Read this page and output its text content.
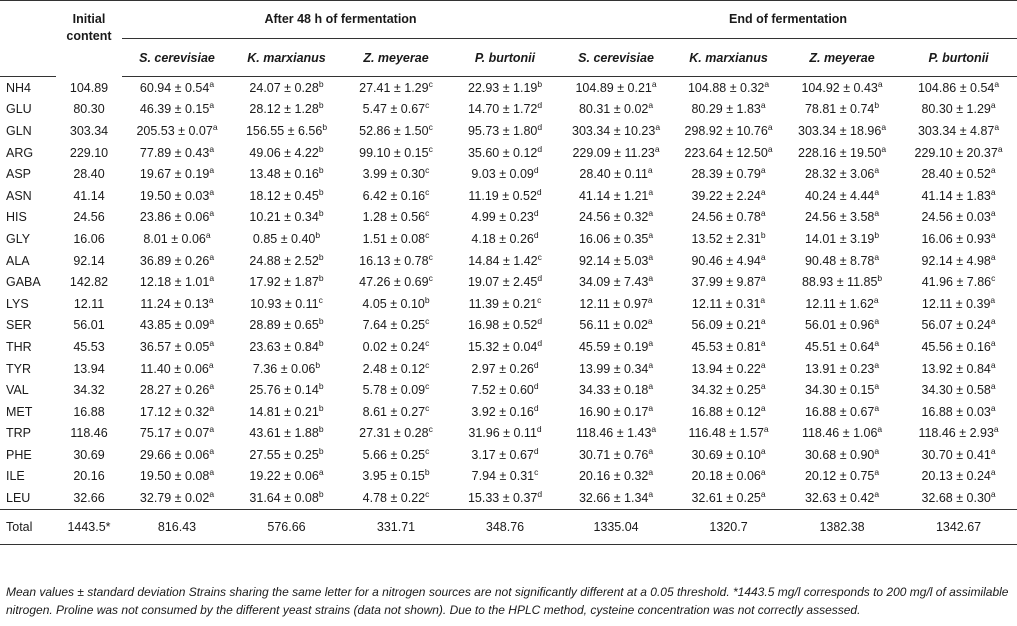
	Initial
content	After 48 h of fermentation				End of fermentation			
		S. cerevisiae	K. marxianus	Z. meyerae	P. burtonii	S. cerevisiae	K. marxianus	Z. meyerae	P. burtonii
NH4	104.89	60.94 ± 0.54$^a$	24.07 ± 0.28$^b$	27.41 ± 1.29$^c$	22.93 ± 1.19$^b$	104.89 ± 0.21$^a$	104.88 ± 0.32$^a$	104.92 ± 0.43$^a$	104.86 ± 0.54$^a$
GLU	80.30	46.39 ± 0.15$^a$	28.12 ± 1.28$^b$	5.47 ± 0.67$^c$	14.70 ± 1.72$^d$	80.31 ± 0.02$^a$	80.29 ± 1.83$^a$	78.81 ± 0.74$^b$	80.30 ± 1.29$^a$
GLN	303.34	205.53 ± 0.07$^a$	156.55 ± 6.56$^b$	52.86 ± 1.50$^c$	95.73 ± 1.80$^d$	303.34 ± 10.23$^a$	298.92 ± 10.76$^a$	303.34 ± 18.96$^a$	303.34 ± 4.87$^a$
ARG	229.10	77.89 ± 0.43$^a$	49.06 ± 4.22$^b$	99.10 ± 0.15$^c$	35.60 ± 0.12$^d$	229.09 ± 11.23$^a$	223.64 ± 12.50$^a$	228.16 ± 19.50$^a$	229.10 ± 20.37$^a$
ASP	28.40	19.67 ± 0.19$^a$	13.48 ± 0.16$^b$	3.99 ± 0.30$^c$	9.03 ± 0.09$^d$	28.40 ± 0.11$^a$	28.39 ± 0.79$^a$	28.32 ± 3.06$^a$	28.40 ± 0.52$^a$
ASN	41.14	19.50 ± 0.03$^a$	18.12 ± 0.45$^b$	6.42 ± 0.16$^c$	11.19 ± 0.52$^d$	41.14 ± 1.21$^a$	39.22 ± 2.24$^a$	40.24 ± 4.44$^a$	41.14 ± 1.83$^a$
HIS	24.56	23.86 ± 0.06$^a$	10.21 ± 0.34$^b$	1.28 ± 0.56$^c$	4.99 ± 0.23$^d$	24.56 ± 0.32$^a$	24.56 ± 0.78$^a$	24.56 ± 3.58$^a$	24.56 ± 0.03$^a$
GLY	16.06	8.01 ± 0.06$^a$	0.85 ± 0.40$^b$	1.51 ± 0.08$^c$	4.18 ± 0.26$^d$	16.06 ± 0.35$^a$	13.52 ± 2.31$^b$	14.01 ± 3.19$^b$	16.06 ± 0.93$^a$
ALA	92.14	36.89 ± 0.26$^a$	24.88 ± 2.52$^b$	16.13 ± 0.78$^c$	14.84 ± 1.42$^c$	92.14 ± 5.03$^a$	90.46 ± 4.94$^a$	90.48 ± 8.78$^a$	92.14 ± 4.98$^a$
GABA	142.82	12.18 ± 1.01$^a$	17.92 ± 1.87$^b$	47.26 ± 0.69$^c$	19.07 ± 2.45$^d$	34.09 ± 7.43$^a$	37.99 ± 9.87$^a$	88.93 ± 11.85$^b$	41.96 ± 7.86$^c$
LYS	12.11	11.24 ± 0.13$^a$	10.93 ± 0.11$^c$	4.05 ± 0.10$^b$	11.39 ± 0.21$^c$	12.11 ± 0.97$^a$	12.11 ± 0.31$^a$	12.11 ± 1.62$^a$	12.11 ± 0.39$^a$
SER	56.01	43.85 ± 0.09$^a$	28.89 ± 0.65$^b$	7.64 ± 0.25$^c$	16.98 ± 0.52$^d$	56.11 ± 0.02$^a$	56.09 ± 0.21$^a$	56.01 ± 0.96$^a$	56.07 ± 0.24$^a$
THR	45.53	36.57 ± 0.05$^a$	23.63 ± 0.84$^b$	0.02 ± 0.24$^c$	15.32 ± 0.04$^d$	45.59 ± 0.19$^a$	45.53 ± 0.81$^a$	45.51 ± 0.64$^a$	45.56 ± 0.16$^a$
TYR	13.94	11.40 ± 0.06$^a$	7.36 ± 0.06$^b$	2.48 ± 0.12$^c$	2.97 ± 0.26$^d$	13.99 ± 0.34$^a$	13.94 ± 0.22$^a$	13.91 ± 0.23$^a$	13.92 ± 0.84$^a$
VAL	34.32	28.27 ± 0.26$^a$	25.76 ± 0.14$^b$	5.78 ± 0.09$^c$	7.52 ± 0.60$^d$	34.33 ± 0.18$^a$	34.32 ± 0.25$^a$	34.30 ± 0.15$^a$	34.30 ± 0.58$^a$
MET	16.88	17.12 ± 0.32$^a$	14.81 ± 0.21$^b$	8.61 ± 0.27$^c$	3.92 ± 0.16$^d$	16.90 ± 0.17$^a$	16.88 ± 0.12$^a$	16.88 ± 0.67$^a$	16.88 ± 0.03$^a$
TRP	118.46	75.17 ± 0.07$^a$	43.61 ± 1.88$^b$	27.31 ± 0.28$^c$	31.96 ± 0.11$^d$	118.46 ± 1.43$^a$	116.48 ± 1.57$^a$	118.46 ± 1.06$^a$	118.46 ± 2.93$^a$
PHE	30.69	29.66 ± 0.06$^a$	27.55 ± 0.25$^b$	5.66 ± 0.25$^c$	3.17 ± 0.67$^d$	30.71 ± 0.76$^a$	30.69 ± 0.10$^a$	30.68 ± 0.90$^a$	30.70 ± 0.41$^a$
ILE	20.16	19.50 ± 0.08$^a$	19.22 ± 0.06$^a$	3.95 ± 0.15$^b$	7.94 ± 0.31$^c$	20.16 ± 0.32$^a$	20.18 ± 0.06$^a$	20.12 ± 0.75$^a$	20.13 ± 0.24$^a$
LEU	32.66	32.79 ± 0.02$^a$	31.64 ± 0.08$^b$	4.78 ± 0.22$^c$	15.33 ± 0.37$^d$	32.66 ± 1.34$^a$	32.61 ± 0.25$^a$	32.63 ± 0.42$^a$	32.68 ± 0.30$^a$
Total	1443.5*	816.43	576.66	331.71	348.76	1335.04	1320.7	1382.38	1342.67
Mean values ± standard deviation Strains sharing the same letter for a nitrogen sources are not significantly different at a 0.05 threshold. *1443.5 mg/l corresponds to 200 mg/l of assimilable nitrogen. Proline was not consumed by the different yeast strains (data not shown). Due to the HPLC method, cysteine concentration was not correctly assessed.
